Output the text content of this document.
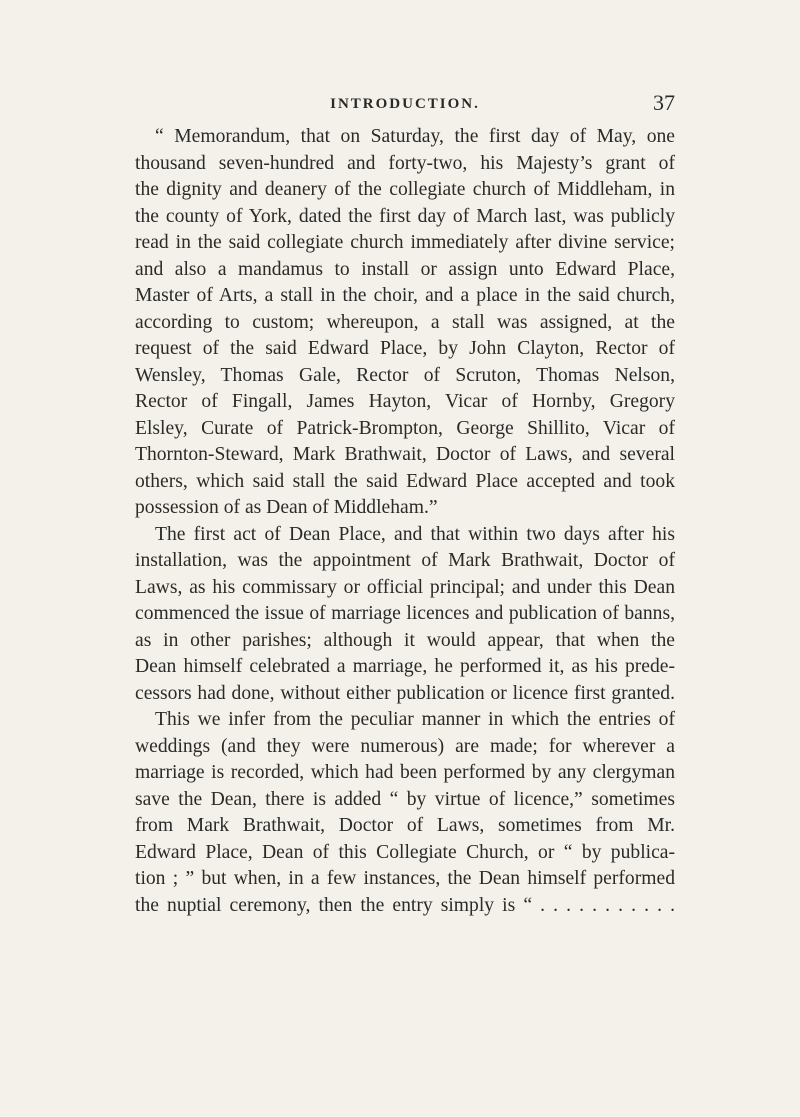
INTRODUCTION.	37
“ Memorandum, that on Saturday, the first day of May, one
thousand seven-hundred and forty-two, his Majesty’s grant of
the dignity and deanery of the collegiate church of Middleham, in
the county of York, dated the first day of March last, was publicly
read in the said collegiate church immediately after divine service;
and also a mandamus to install or assign unto Edward Place,
Master of Arts, a stall in the choir, and a place in the said church,
according to custom; whereupon, a stall was assigned, at the
request of the said Edward Place, by John Clayton, Rector of
Wensley, Thomas Gale, Rector of Scruton, Thomas Nelson,
Rector of Fingall, James Hayton, Vicar of Hornby, Gregory
Elsley, Curate of Patrick-Brompton, George Shillito, Vicar of
Thornton-Steward, Mark Brathwait, Doctor of Laws, and several
others, which said stall the said Edward Place accepted and took
possession of as Dean of Middleham.”
The first act of Dean Place, and that within two days after his
installation, was the appointment of Mark Brathwait, Doctor of
Laws, as his commissary or official principal; and under this Dean
commenced the issue of marriage licences and publication of banns,
as in other parishes; although it would appear, that when the
Dean himself celebrated a marriage, he performed it, as his prede-
cessors had done, without either publication or licence first granted.
This we infer from the peculiar manner in which the entries of
weddings (and they were numerous) are made; for wherever a
marriage is recorded, which had been performed by any clergyman
save the Dean, there is added “ by virtue of licence,” sometimes
from Mark Brathwait, Doctor of Laws, sometimes from Mr.
Edward Place, Dean of this Collegiate Church, or “ by publica-
tion ; ” but when, in a few instances, the Dean himself performed
the nuptial ceremony, then the entry simply is “ . . . . . . . . . . .
